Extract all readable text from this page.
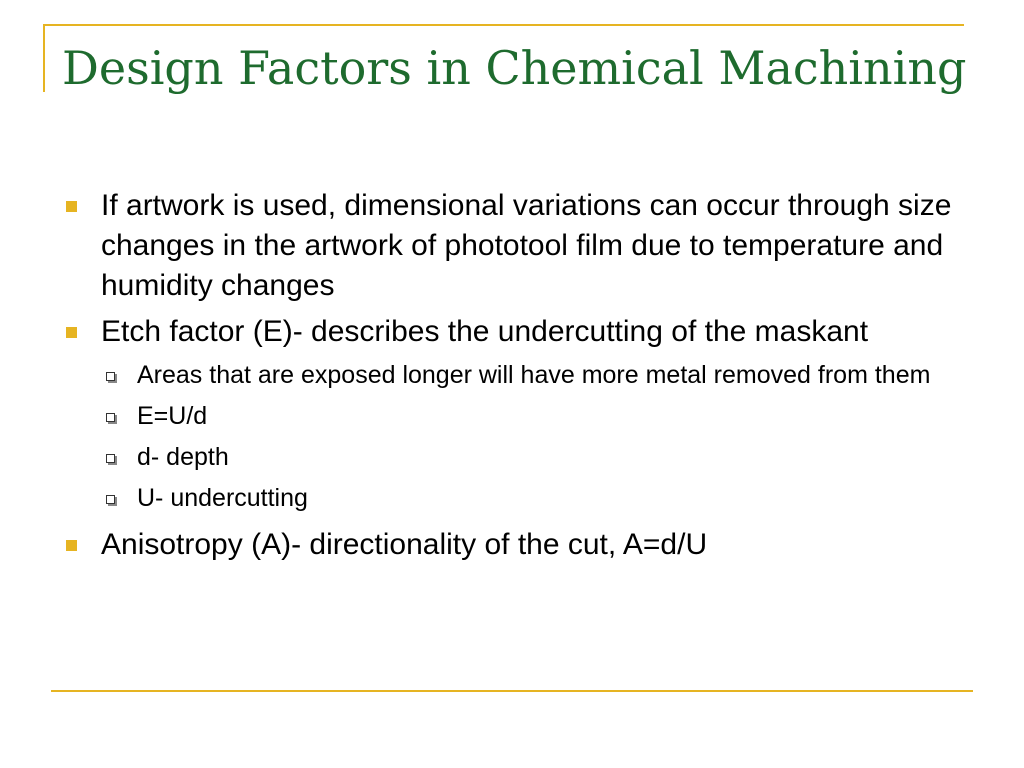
Design Factors in Chemical Machining
If artwork is used, dimensional variations can occur through size changes in the artwork of phototool film due to temperature and humidity changes
Etch factor (E)- describes the undercutting of the maskant
Areas that are exposed longer will have more metal removed from them
E=U/d
d- depth
U- undercutting
Anisotropy (A)- directionality of the cut, A=d/U
